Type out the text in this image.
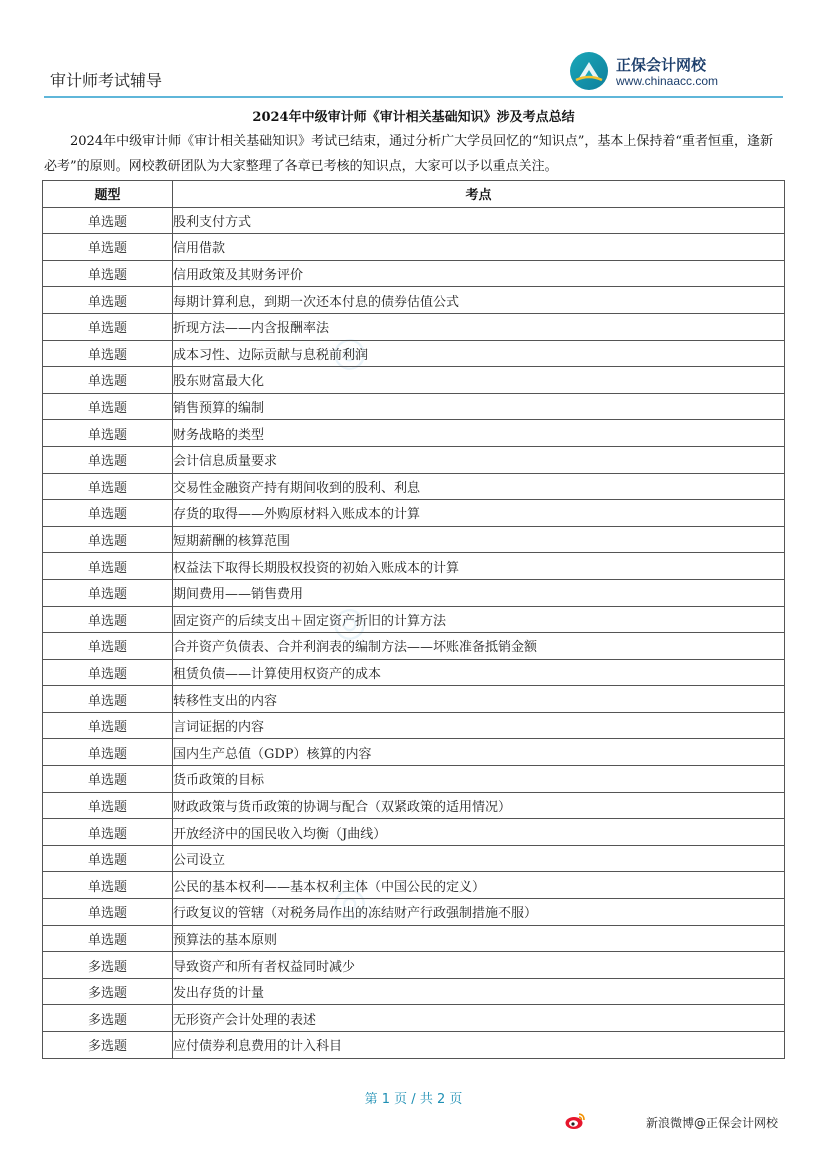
审计师考试辅导
正保会计网校
www.chinaacc.com
2024年中级审计师《审计相关基础知识》涉及考点总结
2024年中级审计师《审计相关基础知识》考试已结束，通过分析广大学员回忆的“知识点”，基本上保持着“重者恒重，逢新必考”的原则。网校教研团队为大家整理了各章已考核的知识点，大家可以予以重点关注。
◎
◎
◎
题型	考点
单选题	股利支付方式
单选题	信用借款
单选题	信用政策及其财务评价
单选题	每期计算利息，到期一次还本付息的债券估值公式
单选题	折现方法——内含报酬率法
单选题	成本习性、边际贡献与息税前利润
单选题	股东财富最大化
单选题	销售预算的编制
单选题	财务战略的类型
单选题	会计信息质量要求
单选题	交易性金融资产持有期间收到的股利、利息
单选题	存货的取得——外购原材料入账成本的计算
单选题	短期薪酬的核算范围
单选题	权益法下取得长期股权投资的初始入账成本的计算
单选题	期间费用——销售费用
单选题	固定资产的后续支出＋固定资产折旧的计算方法
单选题	合并资产负债表、合并利润表的编制方法——坏账准备抵销金额
单选题	租赁负债——计算使用权资产的成本
单选题	转移性支出的内容
单选题	言词证据的内容
单选题	国内生产总值（GDP）核算的内容
单选题	货币政策的目标
单选题	财政政策与货币政策的协调与配合（双紧政策的适用情况）
单选题	开放经济中的国民收入均衡（J曲线）
单选题	公司设立
单选题	公民的基本权利——基本权利主体（中国公民的定义）
单选题	行政复议的管辖（对税务局作出的冻结财产行政强制措施不服）
单选题	预算法的基本原则
多选题	导致资产和所有者权益同时减少
多选题	发出存货的计量
多选题	无形资产会计处理的表述
多选题	应付债券利息费用的计入科目
第 1 页 / 共 2 页
新浪微博@正保会计网校
